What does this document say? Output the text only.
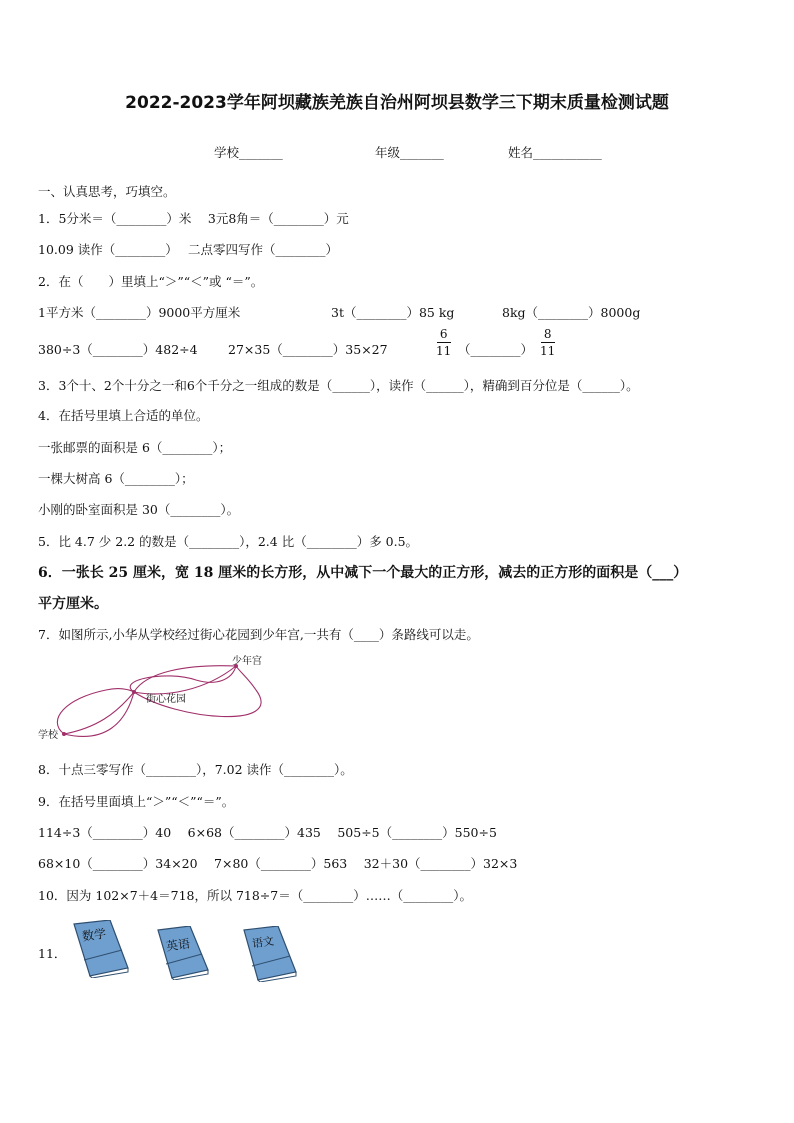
2022-2023学年阿坝藏族羌族自治州阿坝县数学三下期末质量检测试题
学校_______	年级_______	姓名___________
一、认真思考，巧填空。
1．5分米＝（________）米　 3元8角＝（________）元
10.09 读作（________）　 二点零四写作（________）
2．在（　　）里填上“＞”“＜”或 “＝”。
1平方米（________）9000平方厘米	3t（________）85 kg	8kg（________）8000g
380÷3（________）482÷4 27×35（________）35×27
6
11 （________）
8
11
3．3个十、2个十分之一和6个千分之一组成的数是（______），读作（______），精确到百分位是（______）。
4．在括号里填上合适的单位。
一张邮票的面积是 6（________）；
一棵大树高 6（________）；
小刚的卧室面积是 30（________）。
5．比 4.7 少 2.2 的数是（________），2.4 比（________）多 0.5。
6．一张长 25 厘米，宽 18 厘米的长方形，从中减下一个最大的正方形，减去的正方形的面积是（___）
平方厘米。
7．如图所示,小华从学校经过街心花园到少年宫,一共有（____）条路线可以走。
少年宫
街心花园
学校
8．十点三零写作（________），7.02 读作（________）。
9．在括号里面填上“＞”“＜”“＝”。
114÷3（________）40　 6×68（________）435　 505÷5（________）550÷5
68×10（________）34×20　 7×80（________）563　 32＋30（________）32×3
10．因为 102×7＋4＝718，所以 718÷7＝（________）……（________）。
11．
数学
英语	语文
